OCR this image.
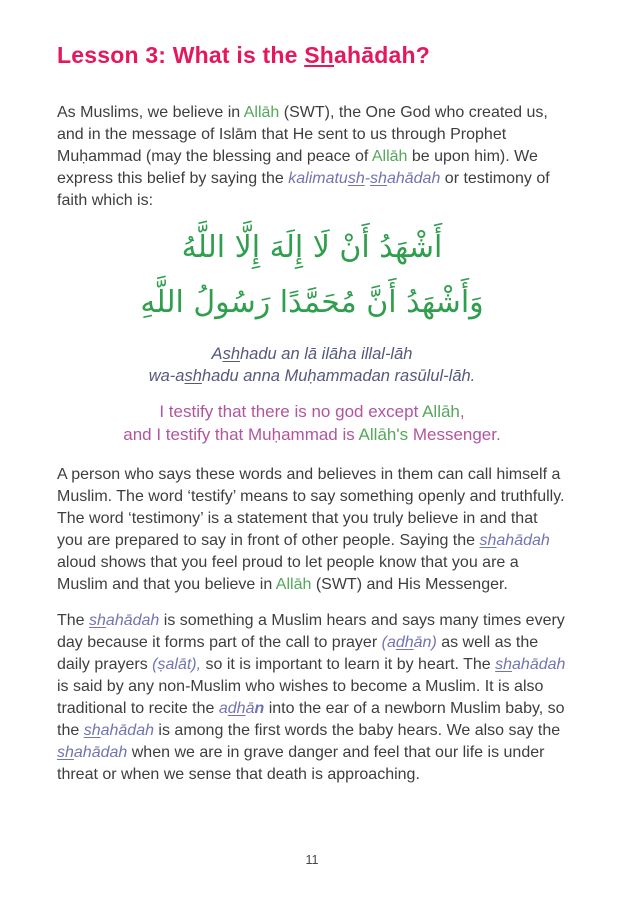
Lesson 3: What is the Shahādah?

As Muslims, we believe in Allāh (SWT), the One God who created us, and in the message of Islām that He sent to us through Prophet Muḥammad (may the blessing and peace of Allāh be upon him). We express this belief by saying the kalimatush-shahādah or testimony of faith which is:

أَشْهَدُ أَنْ لَا إِلَهَ إِلَّا اللَّهُ
وَأَشْهَدُ أَنَّ مُحَمَّدًا رَسُولُ اللَّهِ
Ashhadu an lā ilāha illal-lāh
wa-ashhadu anna Muḥammadan rasūlul-lāh.
I testify that there is no god except Allāh,
and I testify that Muḥammad is Allāh's Messenger.

A person who says these words and believes in them can call himself a Muslim. The word ‘testify’ means to say something openly and truthfully. The word ‘testimony’ is a statement that you truly believe in and that you are prepared to say in front of other people. Saying the shahādah aloud shows that you feel proud to let people know that you are a Muslim and that you believe in Allāh (SWT) and His Messenger.

The shahādah is something a Muslim hears and says many times every day because it forms part of the call to prayer (adhān) as well as the daily prayers (ṣalāt), so it is important to learn it by heart. The shahādah is said by any non-Muslim who wishes to become a Muslim. It is also traditional to recite the adhān into the ear of a newborn Muslim baby, so the shahādah is among the first words the baby hears. We also say the shahādah when we are in grave danger and feel that our life is under threat or when we sense that death is approaching.

11
